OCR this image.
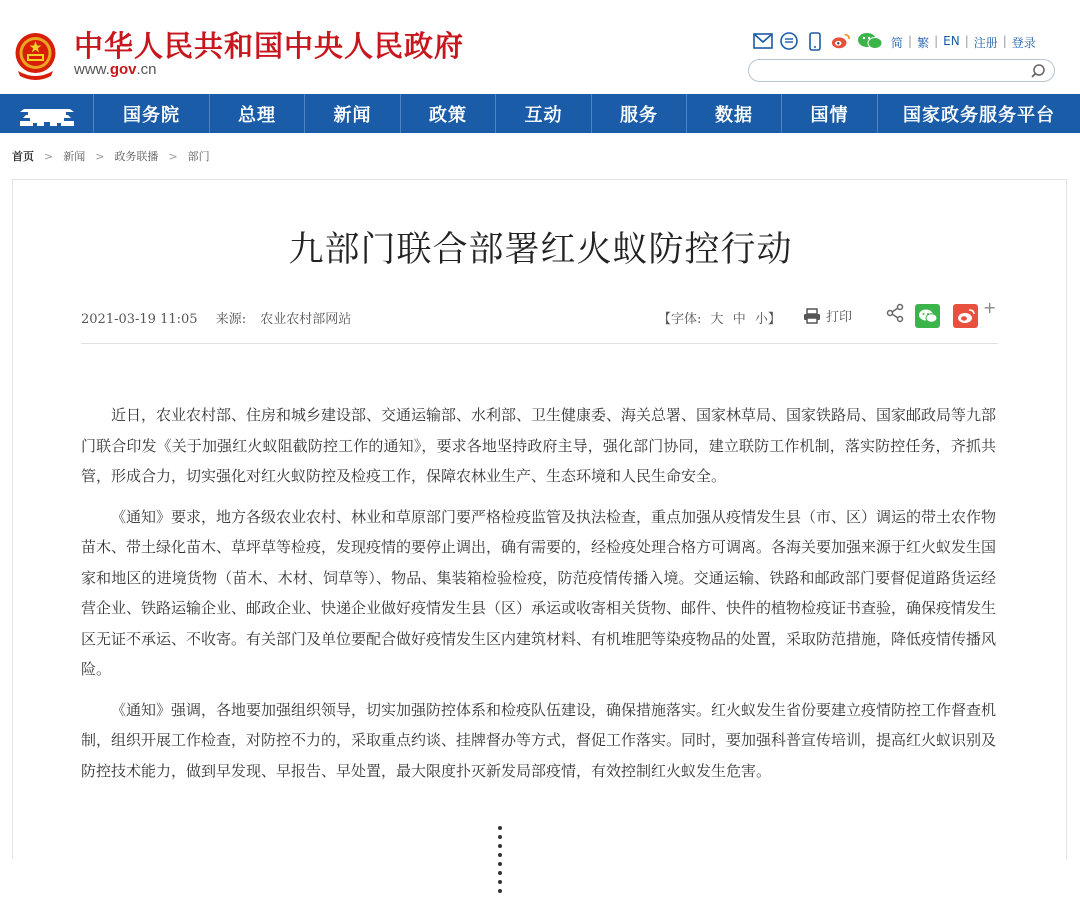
中华人民共和国中央人民政府
www.gov.cn
简 | 繁 | EN | 注册 | 登录
国务院	总理	新闻	政策	互动	服务	数据	国情	国家政务服务平台
首页 > 新闻 > 政务联播 > 部门
九部门联合部署红火蚁防控行动
2021-03-19 11:05 来源: 农业农村部网站	【字体: 大 中 小】	打印
+

近日，农业农村部、住房和城乡建设部、交通运输部、水利部、卫生健康委、海关总署、国家林草局、国家铁路局、国家邮政局等九部门联合印发《关于加强红火蚁阻截防控工作的通知》，要求各地坚持政府主导，强化部门协同，建立联防工作机制，落实防控任务，齐抓共管，形成合力，切实强化对红火蚁防控及检疫工作，保障农林业生产、生态环境和人民生命安全。

《通知》要求，地方各级农业农村、林业和草原部门要严格检疫监管及执法检查，重点加强从疫情发生县（市、区）调运的带土农作物苗木、带土绿化苗木、草坪草等检疫，发现疫情的要停止调出，确有需要的，经检疫处理合格方可调离。各海关要加强来源于红火蚁发生国家和地区的进境货物（苗木、木材、饲草等）、物品、集装箱检验检疫，防范疫情传播入境。交通运输、铁路和邮政部门要督促道路货运经营企业、铁路运输企业、邮政企业、快递企业做好疫情发生县（区）承运或收寄相关货物、邮件、快件的植物检疫证书查验，确保疫情发生区无证不承运、不收寄。有关部门及单位要配合做好疫情发生区内建筑材料、有机堆肥等染疫物品的处置，采取防范措施，降低疫情传播风险。

《通知》强调，各地要加强组织领导，切实加强防控体系和检疫队伍建设，确保措施落实。红火蚁发生省份要建立疫情防控工作督查机制，组织开展工作检查，对防控不力的，采取重点约谈、挂牌督办等方式，督促工作落实。同时，要加强科普宣传培训，提高红火蚁识别及防控技术能力，做到早发现、早报告、早处置，最大限度扑灭新发局部疫情，有效控制红火蚁发生危害。
